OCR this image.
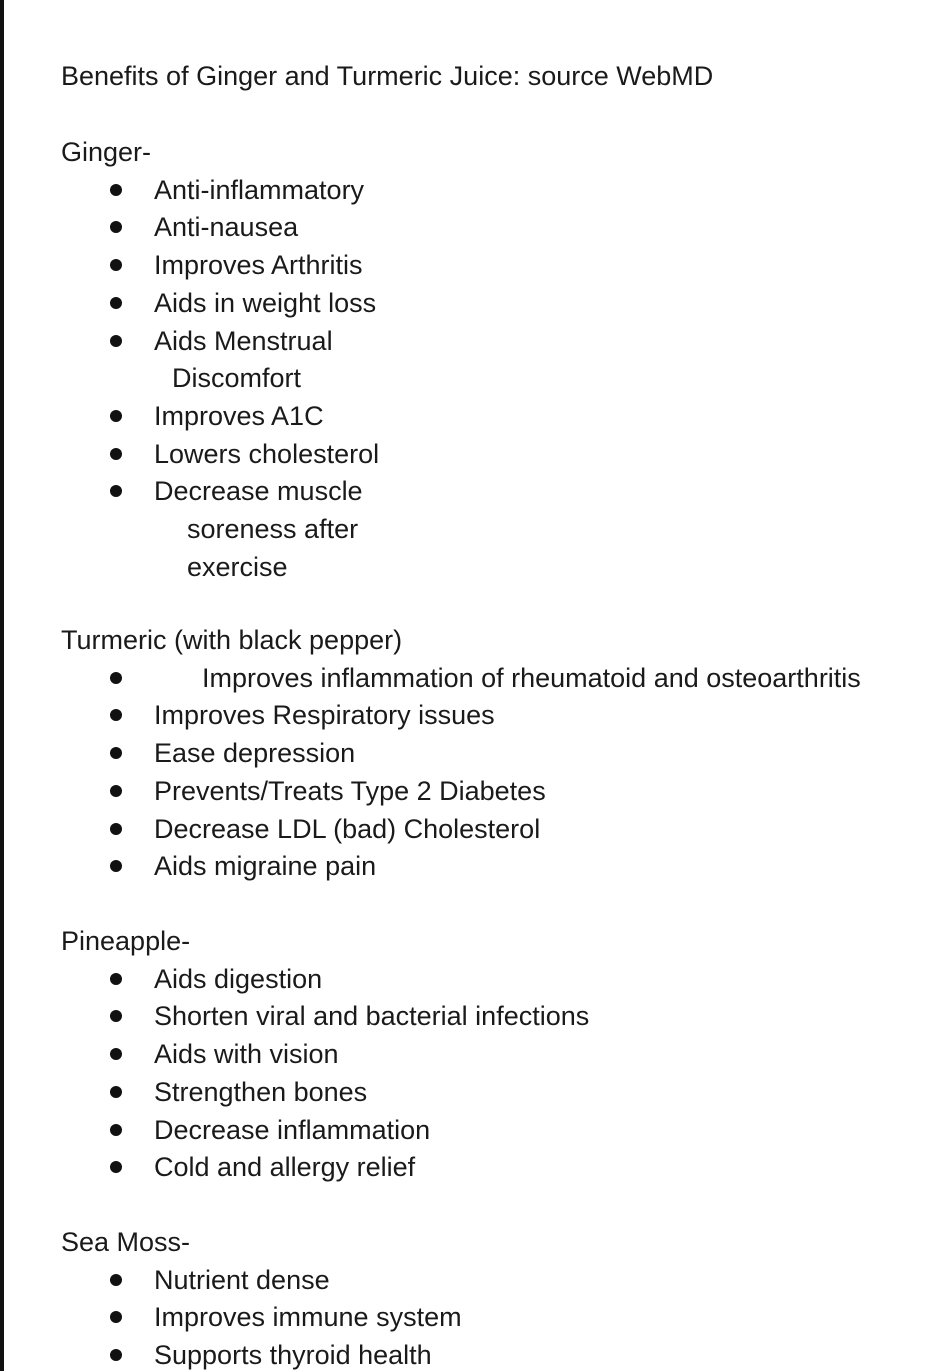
Benefits of Ginger and Turmeric Juice: source WebMD
Ginger-
Anti-inflammatory
Anti-nausea
Improves Arthritis
Aids in weight loss
Aids Menstrual
Discomfort
Improves A1C
Lowers cholesterol
Decrease muscle
soreness after
exercise
Turmeric (with black pepper)
Improves inflammation of rheumatoid and osteoarthritis
Improves Respiratory issues
Ease depression
Prevents/Treats Type 2 Diabetes
Decrease LDL (bad) Cholesterol
Aids migraine pain
Pineapple-
Aids digestion
Shorten viral and bacterial infections
Aids with vision
Strengthen bones
Decrease inflammation
Cold and allergy relief
Sea Moss-
Nutrient dense
Improves immune system
Supports thyroid health
